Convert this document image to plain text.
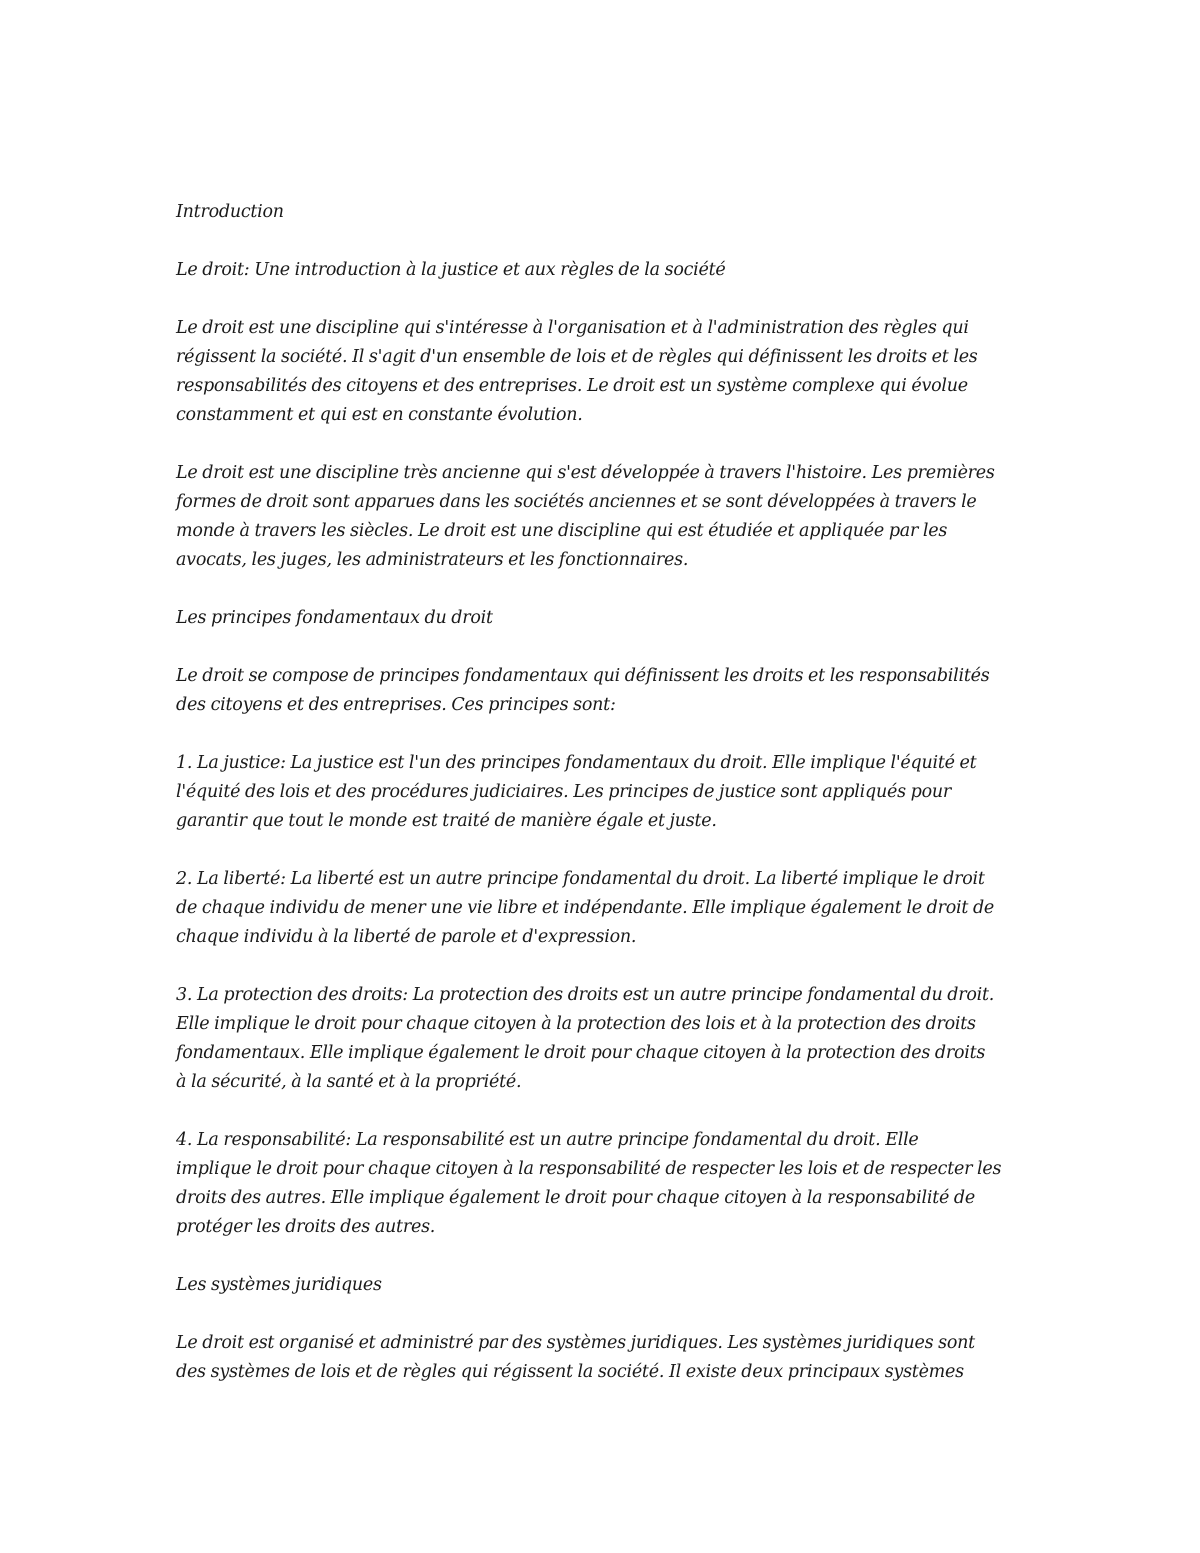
Introduction

Le droit: Une introduction à la justice et aux règles de la société

Le droit est une discipline qui s'intéresse à l'organisation et à l'administration des règles qui
régissent la société. Il s'agit d'un ensemble de lois et de règles qui définissent les droits et les
responsabilités des citoyens et des entreprises. Le droit est un système complexe qui évolue
constamment et qui est en constante évolution.

Le droit est une discipline très ancienne qui s'est développée à travers l'histoire. Les premières
formes de droit sont apparues dans les sociétés anciennes et se sont développées à travers le
monde à travers les siècles. Le droit est une discipline qui est étudiée et appliquée par les
avocats, les juges, les administrateurs et les fonctionnaires.

Les principes fondamentaux du droit

Le droit se compose de principes fondamentaux qui définissent les droits et les responsabilités
des citoyens et des entreprises. Ces principes sont:

1. La justice: La justice est l'un des principes fondamentaux du droit. Elle implique l'équité et
l'équité des lois et des procédures judiciaires. Les principes de justice sont appliqués pour
garantir que tout le monde est traité de manière égale et juste.

2. La liberté: La liberté est un autre principe fondamental du droit. La liberté implique le droit
de chaque individu de mener une vie libre et indépendante. Elle implique également le droit de
chaque individu à la liberté de parole et d'expression.

3. La protection des droits: La protection des droits est un autre principe fondamental du droit.
Elle implique le droit pour chaque citoyen à la protection des lois et à la protection des droits
fondamentaux. Elle implique également le droit pour chaque citoyen à la protection des droits
à la sécurité, à la santé et à la propriété.

4. La responsabilité: La responsabilité est un autre principe fondamental du droit. Elle
implique le droit pour chaque citoyen à la responsabilité de respecter les lois et de respecter les
droits des autres. Elle implique également le droit pour chaque citoyen à la responsabilité de
protéger les droits des autres.

Les systèmes juridiques

Le droit est organisé et administré par des systèmes juridiques. Les systèmes juridiques sont
des systèmes de lois et de règles qui régissent la société. Il existe deux principaux systèmes
